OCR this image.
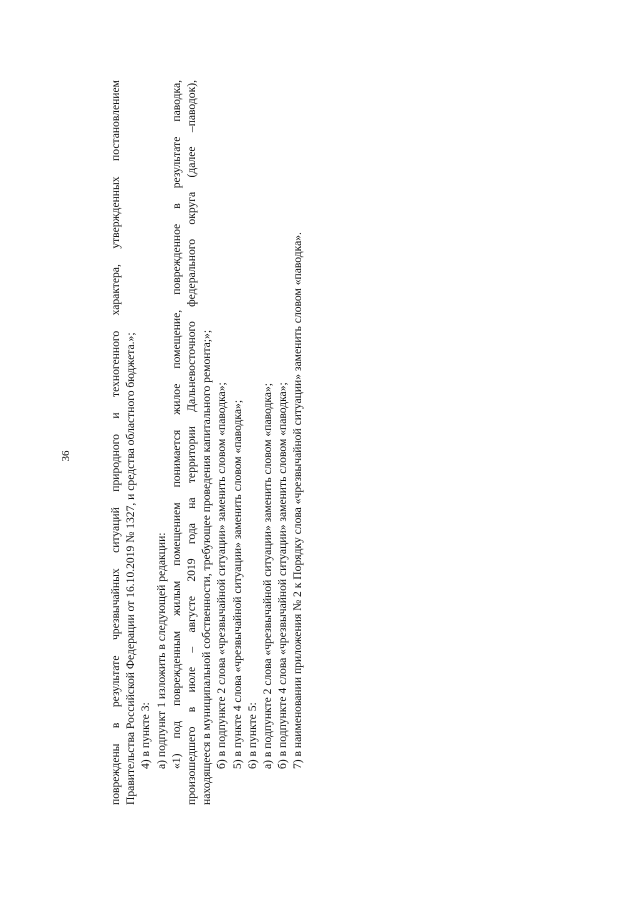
36	повреждены в результате чрезвычайных ситуаций природного и техногенного характера, утвержденных постановлением Правительства Российской Федерации от 16.10.2019 № 1327, и средства областного бюджета.»; 4) в пункте 3: а) подпункт 1 изложить в следующей редакции: «1) под поврежденным жилым помещением понимается жилое помещение, поврежденное в результате паводка, произошедшего в июле – августе 2019 года на территории Дальневосточного федерального округа (далее –паводок), находящееся в муниципальной собственности, требующее проведения капитального ремонта;»; б) в подпункте 2 слова «чрезвычайной ситуации» заменить словом «паводка»; 5) в пункте 4 слова «чрезвычайной ситуации» заменить словом «паводка»; 6) в пункте 5: а) в подпункте 2 слова «чрезвычайной ситуации» заменить словом «паводка»; б) в подпункте 4 слова «чрезвычайной ситуации» заменить словом «паводка»; 7) в наименовании приложения № 2 к Порядку слова «чрезвычайной ситуации» заменить словом «паводка».
